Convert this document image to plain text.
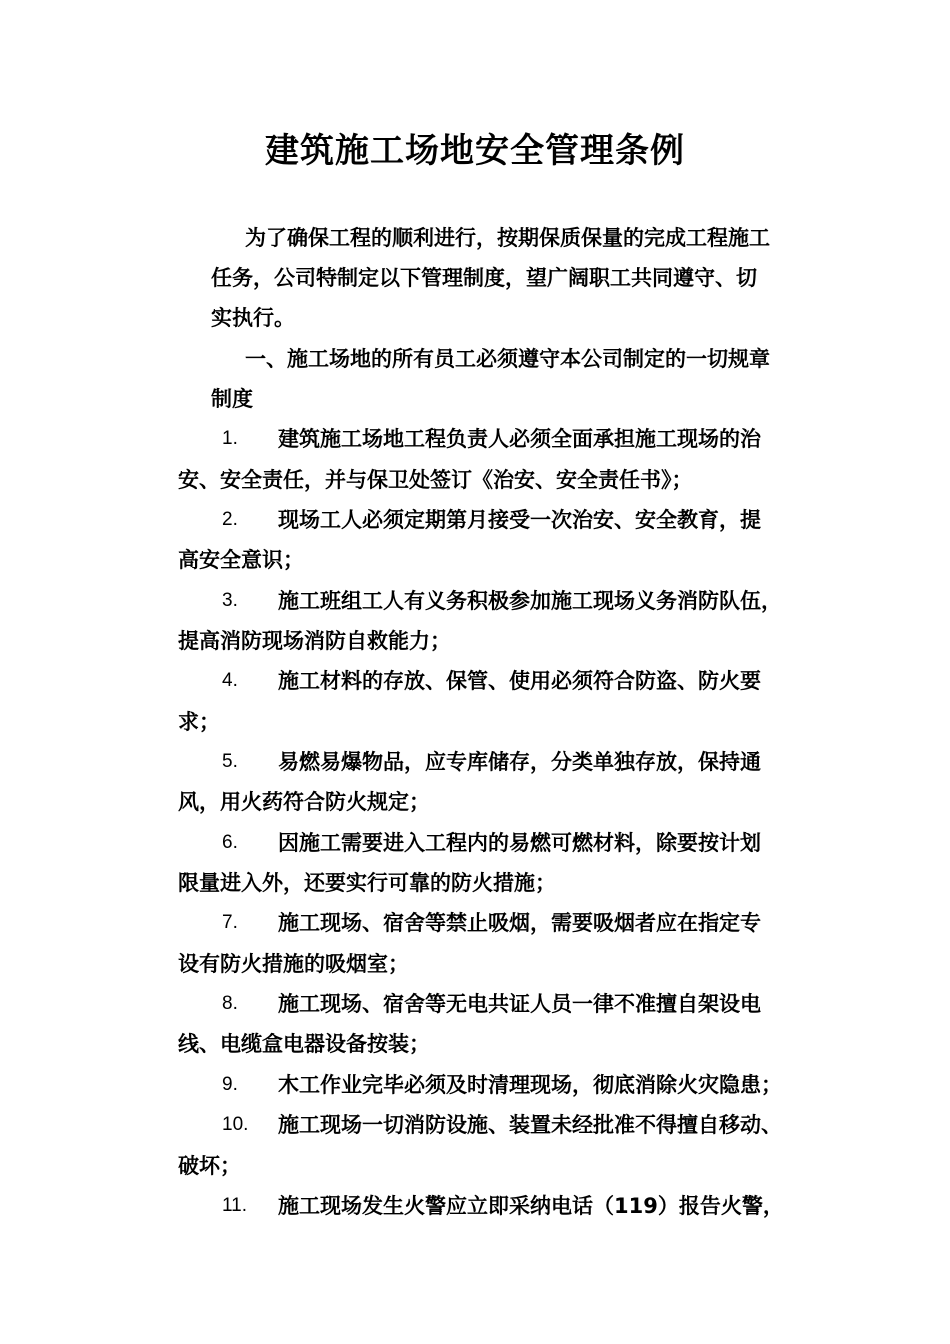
建筑施工场地安全管理条例
为了确保工程的顺利进行，按期保质保量的完成工程施工
任务，公司特制定以下管理制度，望广阔职工共同遵守、切
实执行。
一、施工场地的所有员工必须遵守本公司制定的一切规章
制度
1. 建筑施工场地工程负责人必须全面承担施工现场的治
安、安全责任，并与保卫处签订《治安、安全责任书》；
2. 现场工人必须定期第月接受一次治安、安全教育，提
高安全意识；
3. 施工班组工人有义务积极参加施工现场义务消防队伍，
提高消防现场消防自救能力；
4. 施工材料的存放、保管、使用必须符合防盗、防火要
求；
5. 易燃易爆物品，应专库储存，分类单独存放，保持通
风，用火药符合防火规定；
6. 因施工需要进入工程内的易燃可燃材料，除要按计划
限量进入外，还要实行可靠的防火措施；
7. 施工现场、宿舍等禁止吸烟，需要吸烟者应在指定专
设有防火措施的吸烟室；
8. 施工现场、宿舍等无电共证人员一律不准擅自架设电
线、电缆盒电器设备按装；
9. 木工作业完毕必须及时清理现场，彻底消除火灾隐患；
10. 施工现场一切消防设施、装置未经批准不得擅自移动、
破坏；
11. 施工现场发生火警应立即采纳电话（119）报告火警，
